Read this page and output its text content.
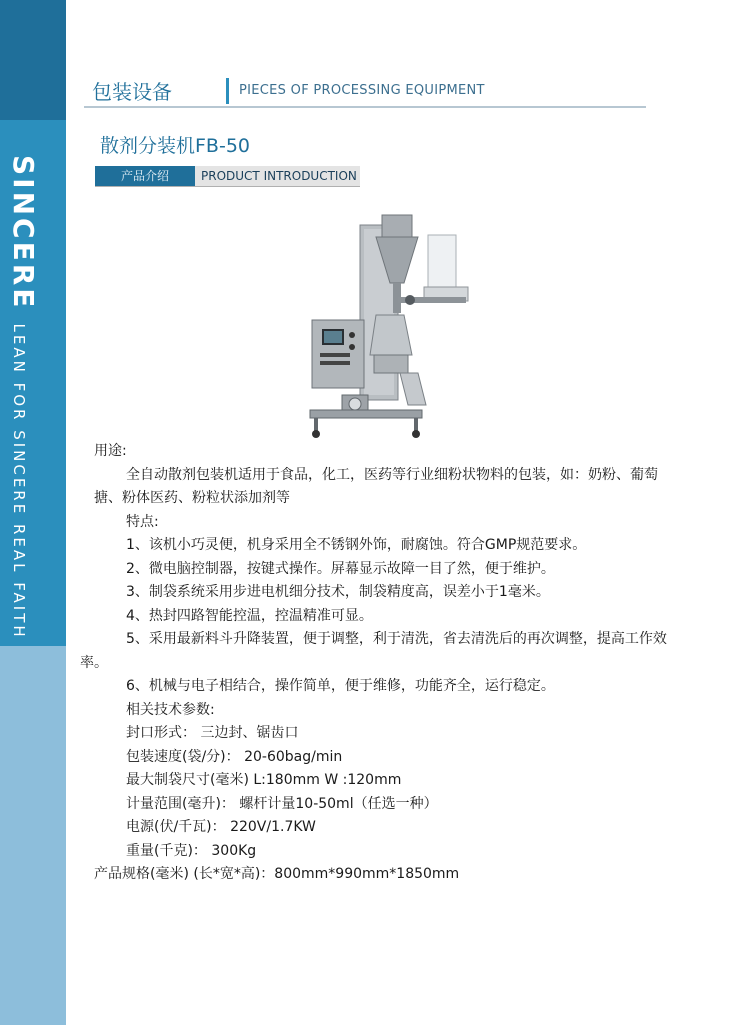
SINCERE LEAN FOR SINCERE REAL FAITH
包装设备	PIECES OF PROCESSING EQUIPMENT
散剂分装机FB-50
产品介绍	PRODUCT INTRODUCTION

用途:

全自动散剂包装机适用于食品，化工，医药等行业细粉状物料的包装，如：奶粉、葡萄

搪、粉体医药、粉粒状添加剂等

特点:

1、该机小巧灵便，机身采用全不锈钢外饰，耐腐蚀。符合GMP规范要求。

2、微电脑控制器，按键式操作。屏幕显示故障一目了然，便于维护。

3、制袋系统采用步进电机细分技术，制袋精度高，误差小于1毫米。

4、热封四路智能控温，控温精准可显。

5、采用最新料斗升降装置，便于调整，利于清洗，省去清洗后的再次调整，提高工作效

率。

6、机械与电子相结合，操作简单，便于维修，功能齐全，运行稳定。

相关技术参数:

封口形式： 三边封、锯齿口

包装速度(袋/分)： 20-60bag/min

最大制袋尺寸(毫米) L:180mm W :120mm

计量范围(毫升)： 螺杆计量10-50ml（任选一种）

电源(伏/千瓦)： 220V/1.7KW

重量(千克)： 300Kg

产品规格(毫米) (长*宽*高)：800mm*990mm*1850mm
